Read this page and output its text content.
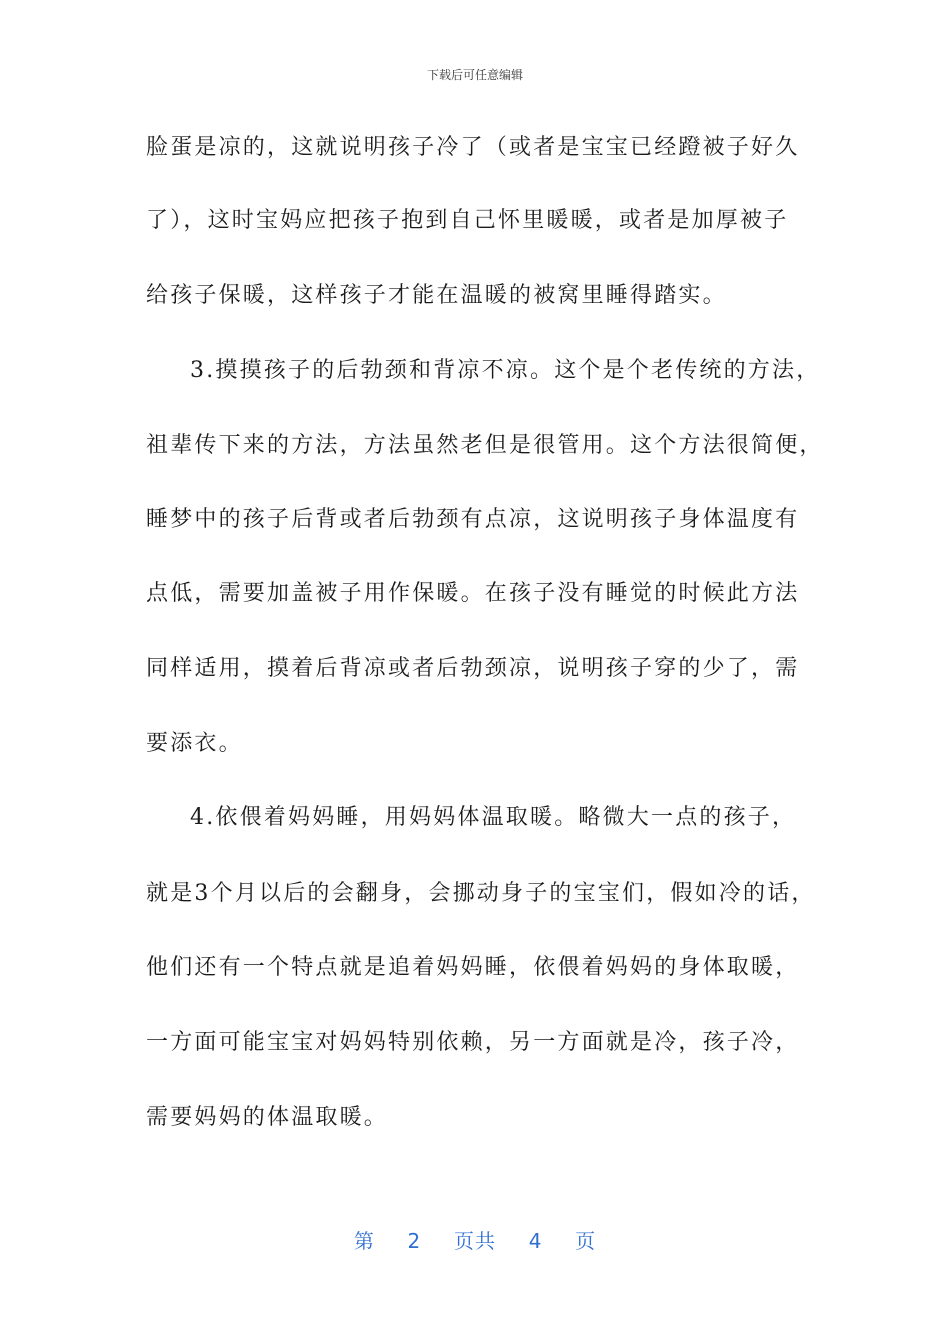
下载后可任意编辑
脸蛋是凉的，这就说明孩子冷了（或者是宝宝已经蹬被子好久
了），这时宝妈应把孩子抱到自己怀里暖暖，或者是加厚被子
给孩子保暖，这样孩子才能在温暖的被窝里睡得踏实。
3.摸摸孩子的后勃颈和背凉不凉。这个是个老传统的方法，
祖辈传下来的方法，方法虽然老但是很管用。这个方法很简便，
睡梦中的孩子后背或者后勃颈有点凉，这说明孩子身体温度有
点低，需要加盖被子用作保暖。在孩子没有睡觉的时候此方法
同样适用，摸着后背凉或者后勃颈凉，说明孩子穿的少了，需
要添衣。
4.依偎着妈妈睡，用妈妈体温取暖。略微大一点的孩子，
就是3个月以后的会翻身，会挪动身子的宝宝们，假如冷的话，
他们还有一个特点就是追着妈妈睡，依偎着妈妈的身体取暖，
一方面可能宝宝对妈妈特别依赖，另一方面就是冷，孩子冷，
需要妈妈的体温取暖。
第 2 页共 4 页
